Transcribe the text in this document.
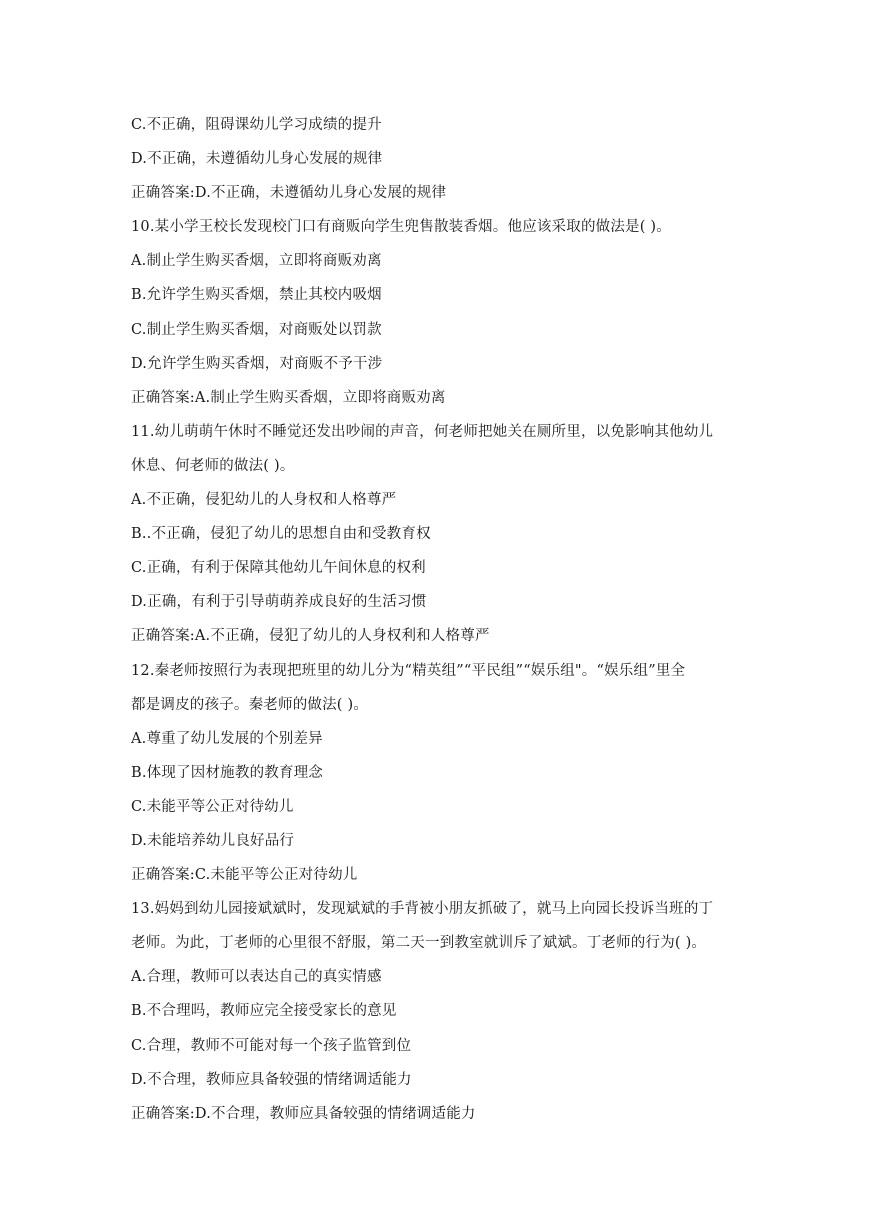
C.不正确，阻碍课幼儿学习成绩的提升
D.不正确，未遵循幼儿身心发展的规律
正确答案:D.不正确，未遵循幼儿身心发展的规律
10.某小学王校长发现校门口有商贩向学生兜售散装香烟。他应该采取的做法是( )。
A.制止学生购买香烟，立即将商贩劝离
B.允许学生购买香烟，禁止其校内吸烟
C.制止学生购买香烟，对商贩处以罚款
D.允许学生购买香烟，对商贩不予干涉
正确答案:A.制止学生购买香烟，立即将商贩劝离
11.幼儿萌萌午休时不睡觉还发出吵闹的声音，何老师把她关在厕所里，以免影响其他幼儿
休息、何老师的做法( )。
A.不正确，侵犯幼儿的人身权和人格尊严
B..不正确，侵犯了幼儿的思想自由和受教育权
C.正确，有利于保障其他幼儿午间休息的权利
D.正确，有利于引导萌萌养成良好的生活习惯
正确答案:A.不正确，侵犯了幼儿的人身权利和人格尊严
12.秦老师按照行为表现把班里的幼儿分为“精英组”“平民组”“娱乐组"。“娱乐组”里全
都是调皮的孩子。秦老师的做法( )。
A.尊重了幼儿发展的个别差异
B.体现了因材施教的教育理念
C.未能平等公正对待幼儿
D.未能培养幼儿良好品行
正确答案:C.未能平等公正对待幼儿
13.妈妈到幼儿园接斌斌时，发现斌斌的手背被小朋友抓破了，就马上向园长投诉当班的丁
老师。为此，丁老师的心里很不舒服，第二天一到教室就训斥了斌斌。丁老师的行为( )。
A.合理，教师可以表达自己的真实情感
B.不合理吗，教师应完全接受家长的意见
C.合理，教师不可能对每一个孩子监管到位
D.不合理，教师应具备较强的情绪调适能力
正确答案:D.不合理，教师应具备较强的情绪调适能力
